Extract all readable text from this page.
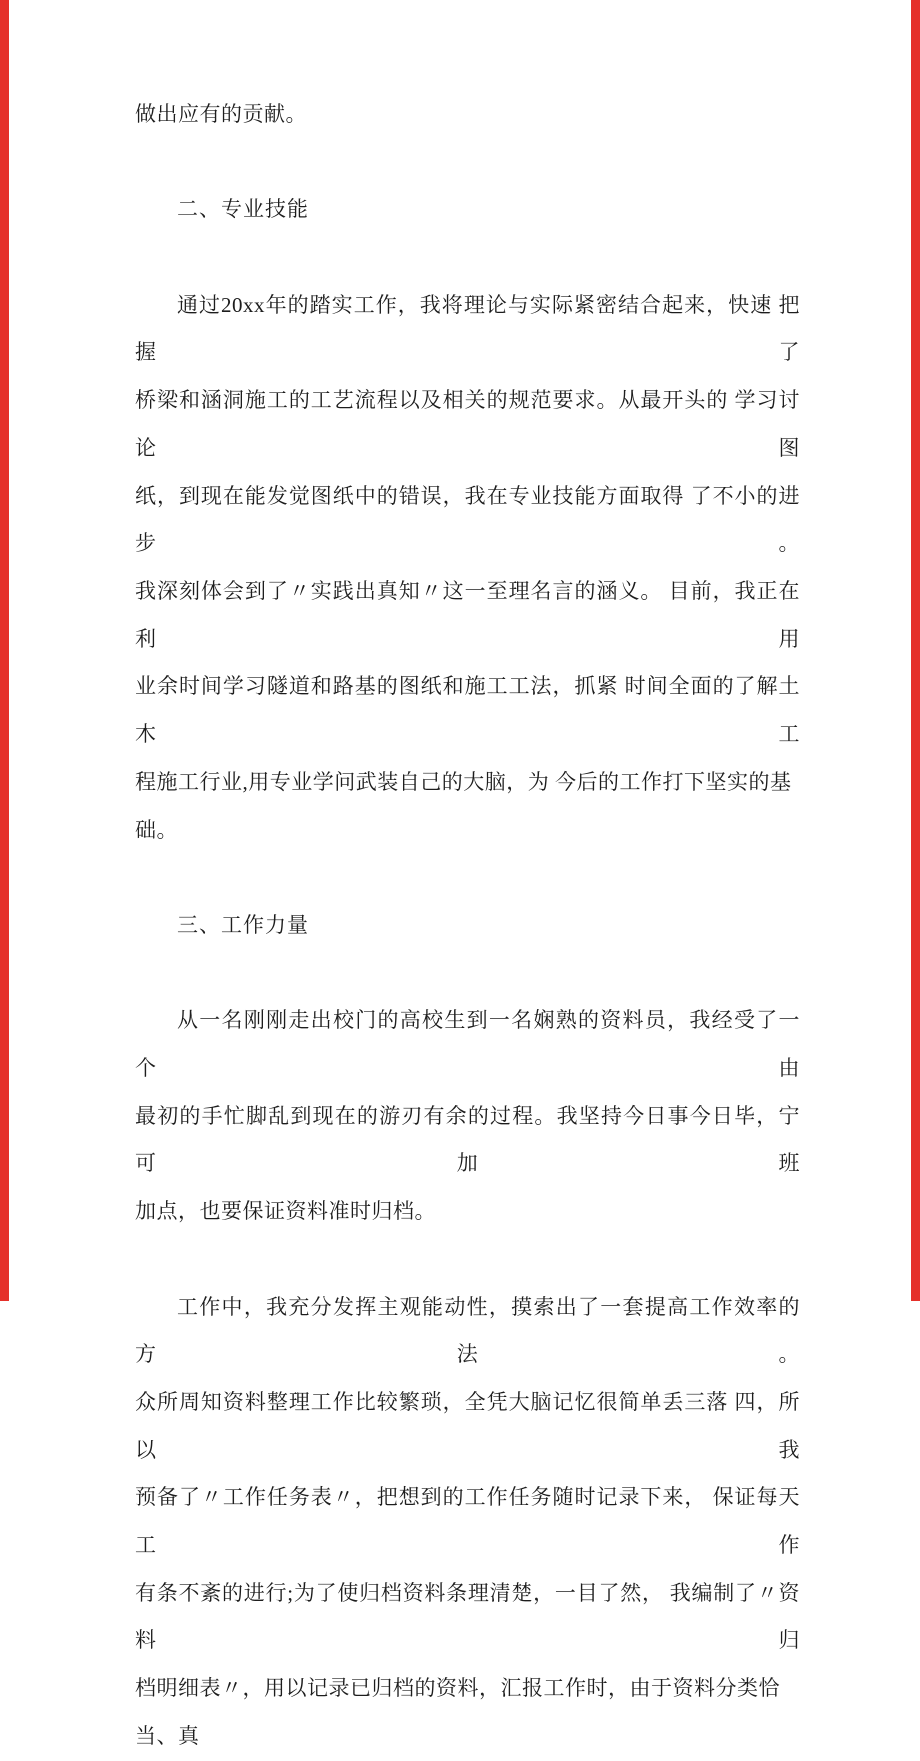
做出应有的贡献。
二、专业技能
通过20xx年的踏实工作，我将理论与实际紧密结合起来，快速 把握了
桥梁和涵洞施工的工艺流程以及相关的规范要求。从最开头的 学习讨论图
纸，到现在能发觉图纸中的错误，我在专业技能方面取得 了不小的进步。
我深刻体会到了〃实践出真知〃这一至理名言的涵义。 目前，我正在利用
业余时间学习隧道和路基的图纸和施工工法，抓紧 时间全面的了解土木工
程施工行业,用专业学问武装自己的大脑，为 今后的工作打下坚实的基础。
三、工作力量
从一名刚刚走出校门的高校生到一名娴熟的资料员，我经受了一 个由
最初的手忙脚乱到现在的游刃有余的过程。我坚持今日事今日毕，宁可加班
加点，也要保证资料准时归档。
工作中，我充分发挥主观能动性，摸索出了一套提高工作效率的 方法。
众所周知资料整理工作比较繁琐，全凭大脑记忆很简单丢三落 四，所以我
预备了〃工作任务表〃，把想到的工作任务随时记录下来， 保证每天工作
有条不紊的进行;为了使归档资料条理清楚，一目了然， 我编制了〃资料归
档明细表〃，用以记录已归档的资料，汇报工作时，由于资料分类恰当、真
